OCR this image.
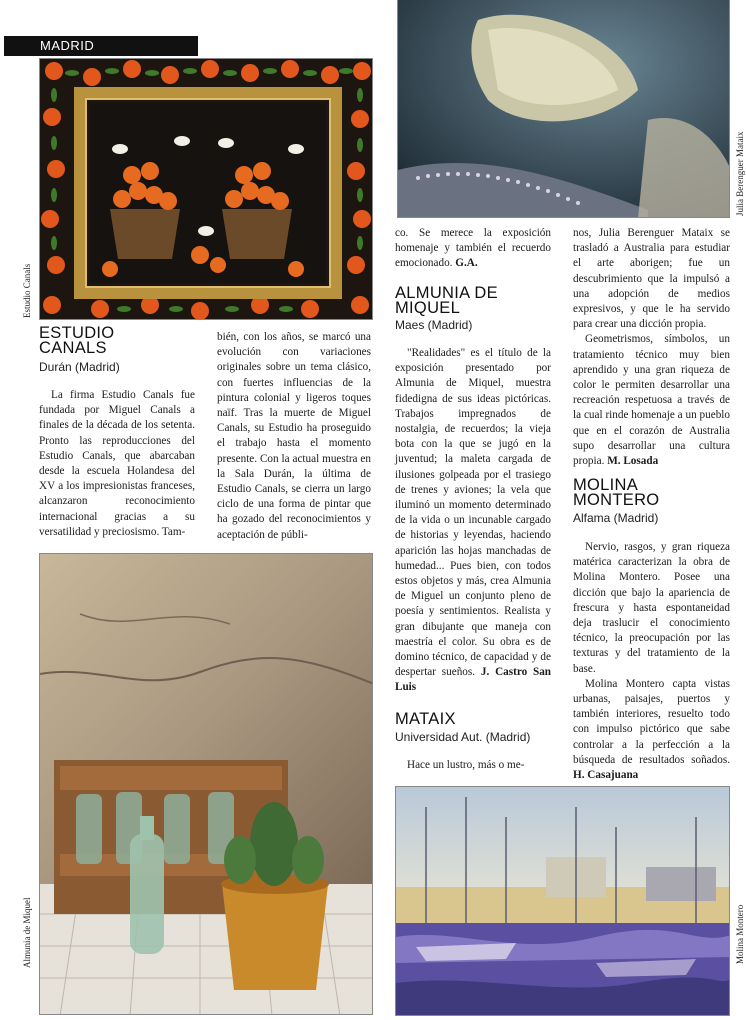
MADRID
Estudio Canals
ESTUDIO
CANALS
Durán (Madrid)

La firma Estudio Canals fue fundada por Miguel Canals a finales de la década de los setenta. Pronto las reproducciones del Estudio Canals, que abarcaban desde la escuela Holandesa del XV a los impresionistas franceses, alcanzaron reconocimiento internacional gracias a su versatilidad y preciosismo. Tam-

bién, con los años, se marcó una evolución con variaciones originales sobre un tema clásico, con fuertes influencias de la pintura colonial y ligeros toques naïf. Tras la muerte de Miguel Canals, su Estudio ha proseguido el trabajo hasta el momento presente. Con la actual muestra en la Sala Durán, la última de Estudio Canals, se cierra un largo ciclo de una forma de pintar que ha gozado del reconocimientos y aceptación de públi-

Almunia de Miquel
Julia Berenguer Mataix

co. Se merece la exposición homenaje y también el recuerdo emocionado. G.A.

ALMUNIA DE
MIQUEL
Maes (Madrid)

"Realidades" es el título de la exposición presentado por Almunia de Miquel, muestra fidedigna de sus ideas pictóricas. Trabajos impregnados de nostalgia, de recuerdos; la vieja bota con la que se jugó en la juventud; la maleta cargada de ilusiones golpeada por el trasiego de trenes y aviones; la vela que iluminó un momento determinado de la vida o un incunable cargado de historias y leyendas, haciendo aparición las hojas manchadas de humedad... Pues bien, con todos estos objetos y más, crea Almunia de Miguel un conjunto pleno de poesía y sentimientos. Realista y gran dibujante que maneja con maestría el color. Su obra es de domino técnico, de capacidad y de despertar sueños. J. Castro San Luis

MATAIX
Universidad Aut. (Madrid)

Hace un lustro, más o me-

nos, Julia Berenguer Mataix se trasladó a Australia para estudiar el arte aborigen; fue un descubrimiento que la impulsó a una adopción de medios expresivos, y que le ha servido para crear una dicción propia.

Geometrismos, símbolos, un tratamiento técnico muy bien aprendido y una gran riqueza de color le permiten desarrollar una recreación respetuosa a través de la cual rinde homenaje a un pueblo que en el corazón de Australia supo desarrollar una cultura propia. M. Losada

MOLINA
MONTERO
Alfama (Madrid)

Nervio, rasgos, y gran riqueza matérica caracterizan la obra de Molina Montero. Posee una dicción que bajo la apariencia de frescura y hasta espontaneidad deja traslucir el conocimiento técnico, la preocupación por las texturas y del tratamiento de la base.

Molina Montero capta vistas urbanas, paisajes, puertos y también interiores, resuelto todo con impulso pictórico que sabe controlar a la perfección a la búsqueda de resultados soñados. H. Casajuana

Molina Montero
